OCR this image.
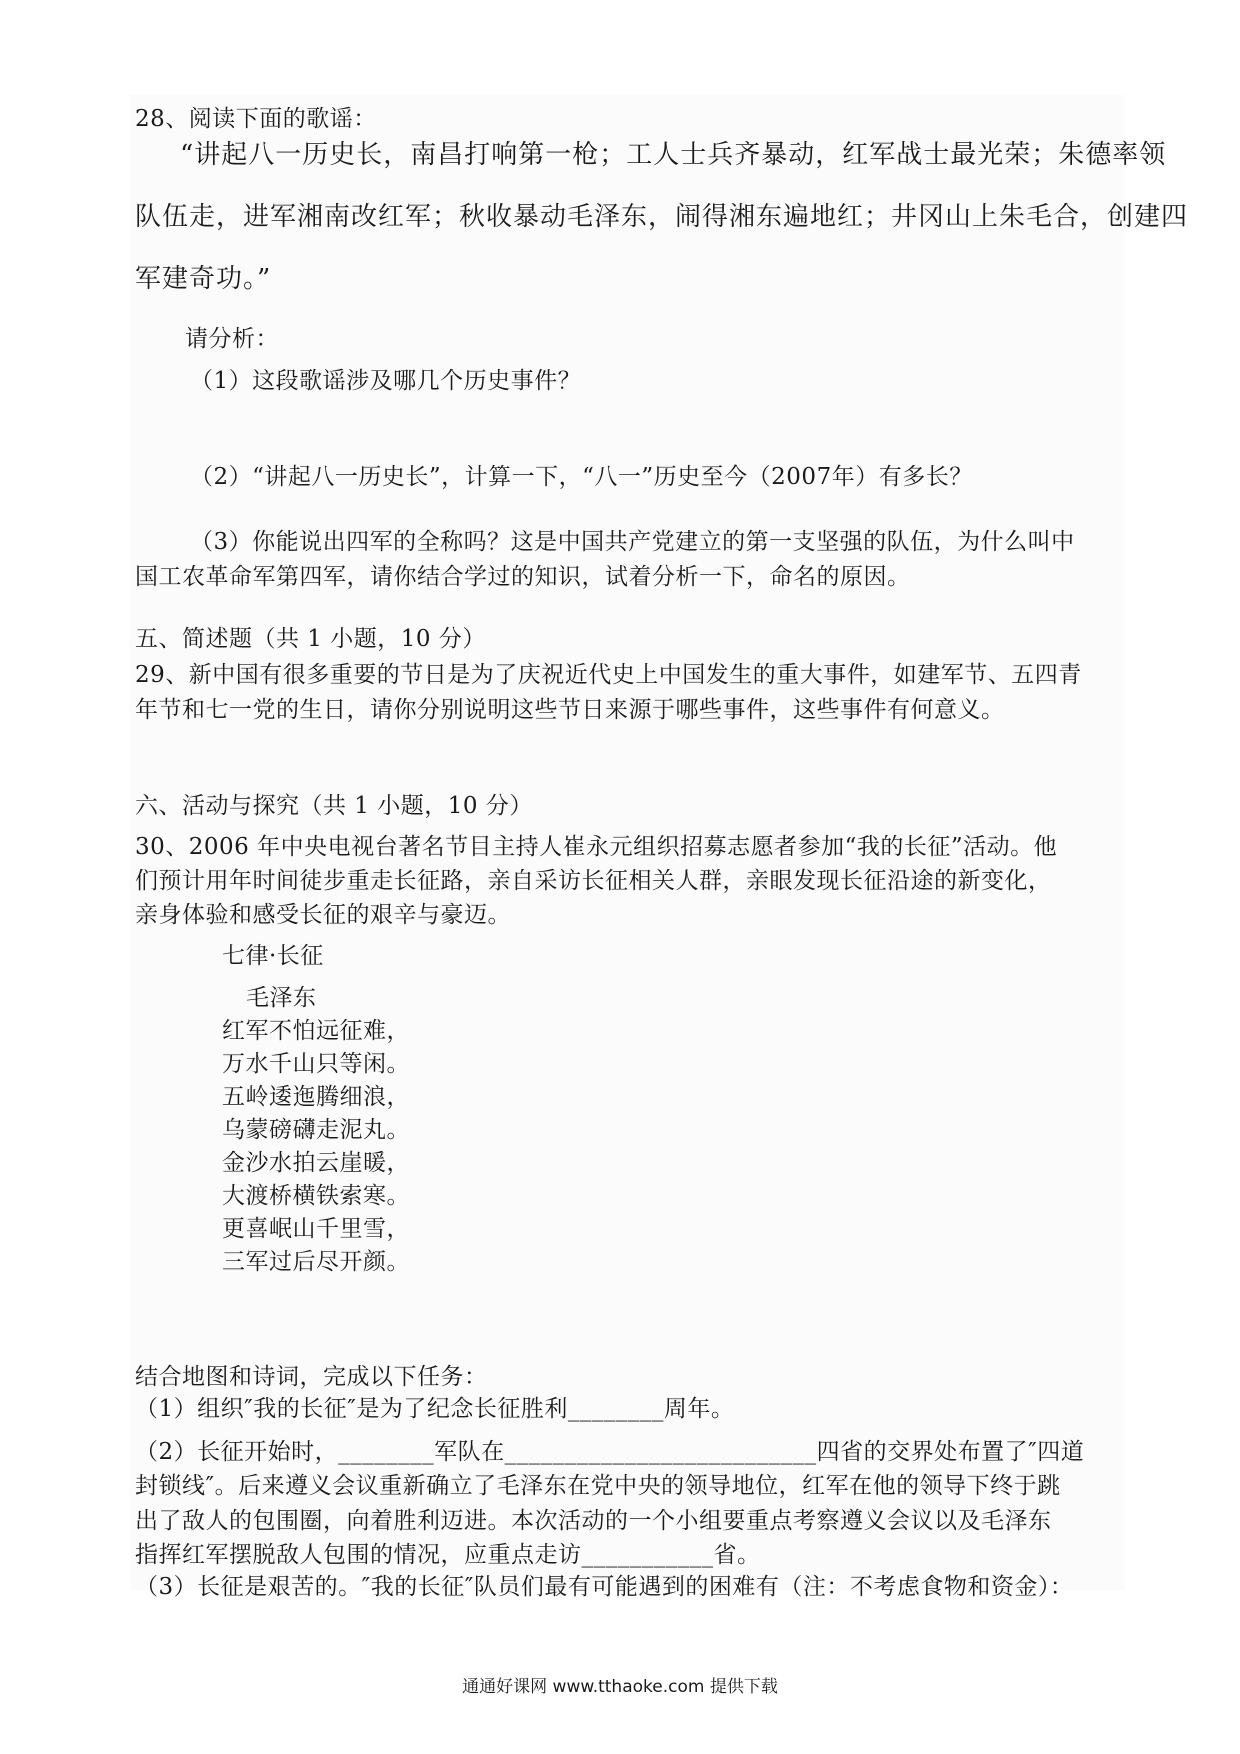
28、阅读下面的歌谣：
“讲起八一历史长，南昌打响第一枪；工人士兵齐暴动，红军战士最光荣；朱德率领
队伍走，进军湘南改红军；秋收暴动毛泽东，闹得湘东遍地红；井冈山上朱毛合，创建四
军建奇功。”
请分析：
（1）这段歌谣涉及哪几个历史事件？
（2）“讲起八一历史长”，计算一下，“八一”历史至今（2007年）有多长？
（3）你能说出四军的全称吗？这是中国共产党建立的第一支坚强的队伍，为什么叫中
国工农革命军第四军，请你结合学过的知识，试着分析一下，命名的原因。
五、简述题（共 1 小题，10 分）
29、新中国有很多重要的节日是为了庆祝近代史上中国发生的重大事件，如建军节、五四青
年节和七一党的生日，请你分别说明这些节日来源于哪些事件，这些事件有何意义。
六、活动与探究（共 1 小题，10 分）
30、2006 年中央电视台著名节目主持人崔永元组织招募志愿者参加“我的长征”活动。他
们预计用年时间徒步重走长征路，亲自采访长征相关人群，亲眼发现长征沿途的新变化，
亲身体验和感受长征的艰辛与豪迈。
七律·长征
毛泽东
红军不怕远征难，
万水千山只等闲。
五岭逶迤腾细浪，
乌蒙磅礴走泥丸。
金沙水拍云崖暖，
大渡桥横铁索寒。
更喜岷山千里雪，
三军过后尽开颜。
结合地图和诗词，完成以下任务：
（1）组织″我的长征″是为了纪念长征胜利________周年。
（2）长征开始时，________军队在__________________________四省的交界处布置了″四道
封锁线″。后来遵义会议重新确立了毛泽东在党中央的领导地位，红军在他的领导下终于跳
出了敌人的包围圈，向着胜利迈进。本次活动的一个小组要重点考察遵义会议以及毛泽东
指挥红军摆脱敌人包围的情况，应重点走访___________省。
（3）长征是艰苦的。″我的长征″队员们最有可能遇到的困难有（注：不考虑食物和资金）：
通通好课网 www.tthaoke.com 提供下载
